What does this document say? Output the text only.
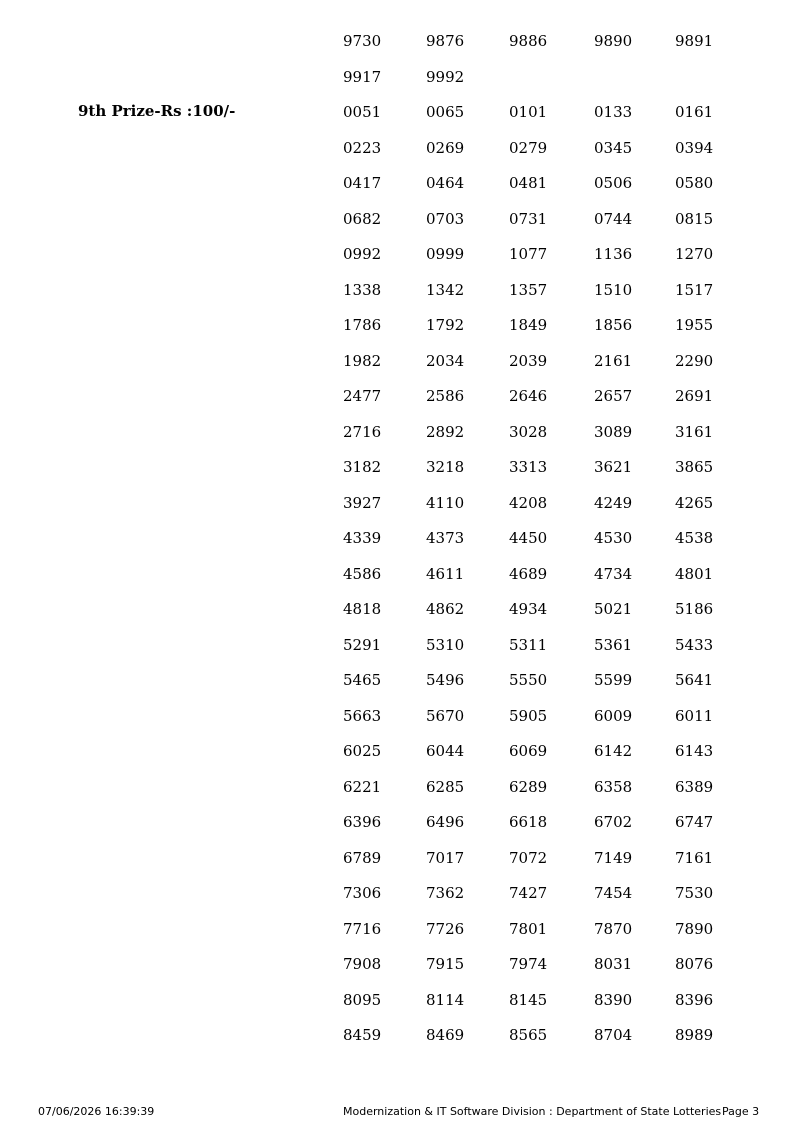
9730	9876	9886	9890	9891
9917	9992
9th Prize-Rs :100/-	0051	0065	0101	0133	0161
0223	0269	0279	0345	0394
0417	0464	0481	0506	0580
0682	0703	0731	0744	0815
0992	0999	1077	1136	1270
1338	1342	1357	1510	1517
1786	1792	1849	1856	1955
1982	2034	2039	2161	2290
2477	2586	2646	2657	2691
2716	2892	3028	3089	3161
3182	3218	3313	3621	3865
3927	4110	4208	4249	4265
4339	4373	4450	4530	4538
4586	4611	4689	4734	4801
4818	4862	4934	5021	5186
5291	5310	5311	5361	5433
5465	5496	5550	5599	5641
5663	5670	5905	6009	6011
6025	6044	6069	6142	6143
6221	6285	6289	6358	6389
6396	6496	6618	6702	6747
6789	7017	7072	7149	7161
7306	7362	7427	7454	7530
7716	7726	7801	7870	7890
7908	7915	7974	8031	8076
8095	8114	8145	8390	8396
8459	8469	8565	8704	8989
07/06/2026 16:39:39	Modernization & IT Software Division : Department of State Lotteries Page 3
